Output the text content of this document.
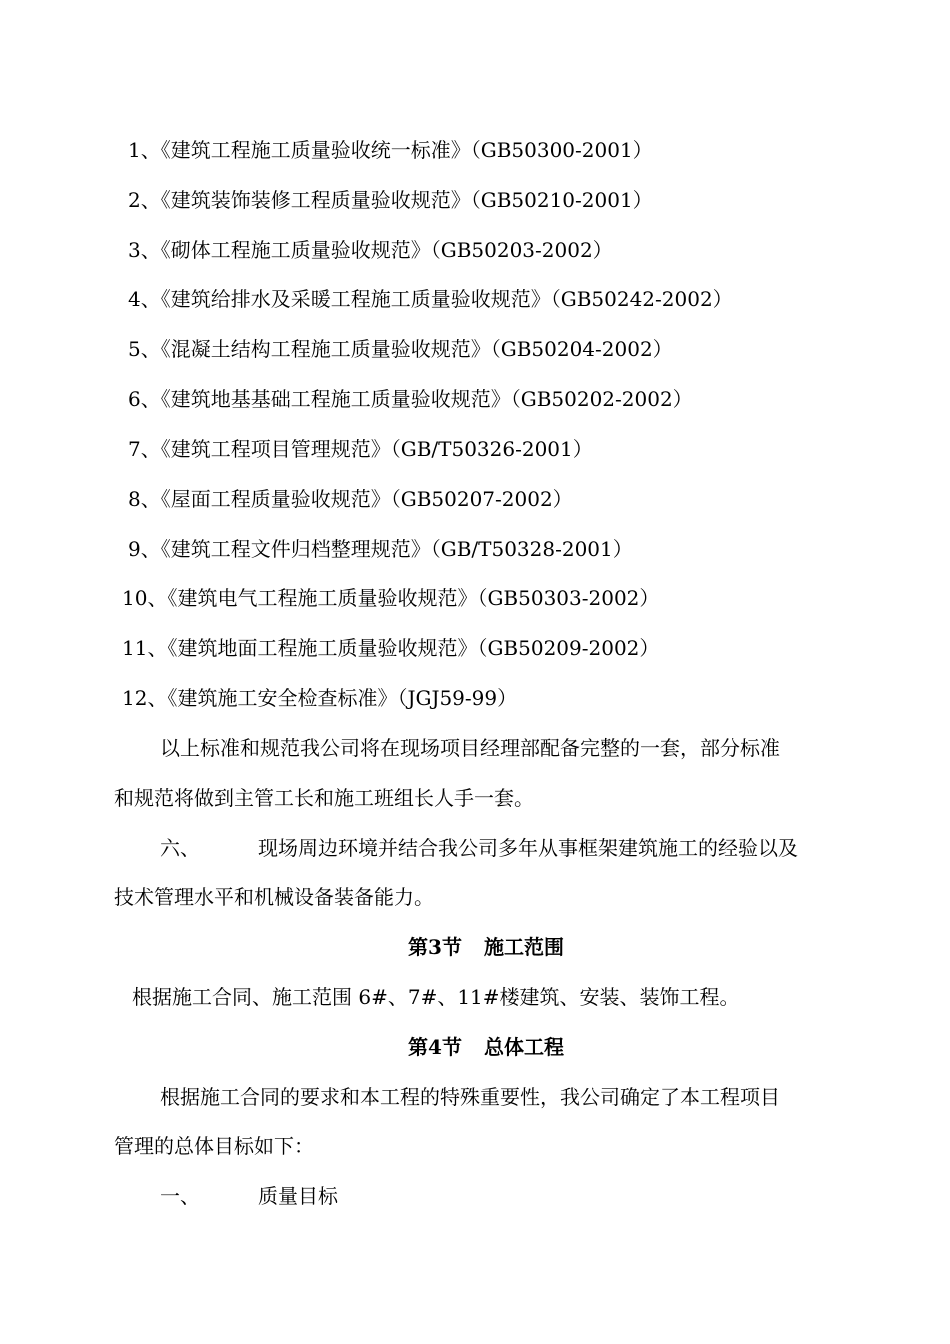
1、《建筑工程施工质量验收统一标准》（GB50300-2001）
2、《建筑装饰装修工程质量验收规范》（GB50210-2001）
3、《砌体工程施工质量验收规范》（GB50203-2002）
4、《建筑给排水及采暖工程施工质量验收规范》（GB50242-2002）
5、《混凝土结构工程施工质量验收规范》（GB50204-2002）
6、《建筑地基基础工程施工质量验收规范》（GB50202-2002）
7、《建筑工程项目管理规范》（GB/T50326-2001）
8、《屋面工程质量验收规范》（GB50207-2002）
9、《建筑工程文件归档整理规范》（GB/T50328-2001）
10、《建筑电气工程施工质量验收规范》（GB50303-2002）
11、《建筑地面工程施工质量验收规范》（GB50209-2002）
12、《建筑施工安全检查标准》（JGJ59-99）
以上标准和规范我公司将在现场项目经理部配备完整的一套，部分标准
和规范将做到主管工长和施工班组长人手一套。
六、	现场周边环境并结合我公司多年从事框架建筑施工的经验以及
技术管理水平和机械设备装备能力。
第3节 施工范围
根据施工合同、施工范围 6#、7#、11#楼建筑、安装、装饰工程。
第4节 总体工程
根据施工合同的要求和本工程的特殊重要性，我公司确定了本工程项目
管理的总体目标如下：
一、	质量目标
